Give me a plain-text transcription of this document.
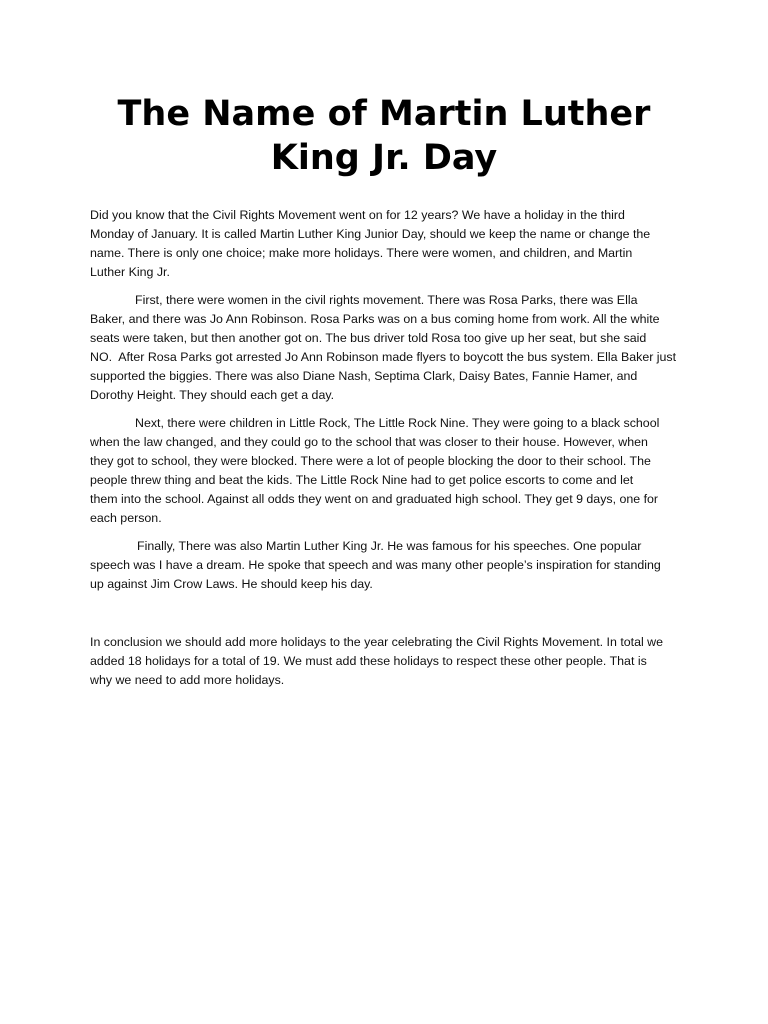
The Name of Martin Luther
King Jr. Day

Did you know that the Civil Rights Movement went on for 12 years? We have a holiday in the third
Monday of January. It is called Martin Luther King Junior Day, should we keep the name or change the
name. There is only one choice; make more holidays. There were women, and children, and Martin
Luther King Jr.

First, there were women in the civil rights movement. There was Rosa Parks, there was Ella
Baker, and there was Jo Ann Robinson. Rosa Parks was on a bus coming home from work. All the white
seats were taken, but then another got on. The bus driver told Rosa too give up her seat, but she said
NO.  After Rosa Parks got arrested Jo Ann Robinson made flyers to boycott the bus system. Ella Baker just
supported the biggies. There was also Diane Nash, Septima Clark, Daisy Bates, Fannie Hamer, and
Dorothy Height. They should each get a day.

Next, there were children in Little Rock, The Little Rock Nine. They were going to a black school
when the law changed, and they could go to the school that was closer to their house. However, when
they got to school, they were blocked. There were a lot of people blocking the door to their school. The
people threw thing and beat the kids. The Little Rock Nine had to get police escorts to come and let
them into the school. Against all odds they went on and graduated high school. They get 9 days, one for
each person.

Finally, There was also Martin Luther King Jr. He was famous for his speeches. One popular
speech was I have a dream. He spoke that speech and was many other people’s inspiration for standing
up against Jim Crow Laws. He should keep his day.

In conclusion we should add more holidays to the year celebrating the Civil Rights Movement. In total we
added 18 holidays for a total of 19. We must add these holidays to respect these other people. That is
why we need to add more holidays.
